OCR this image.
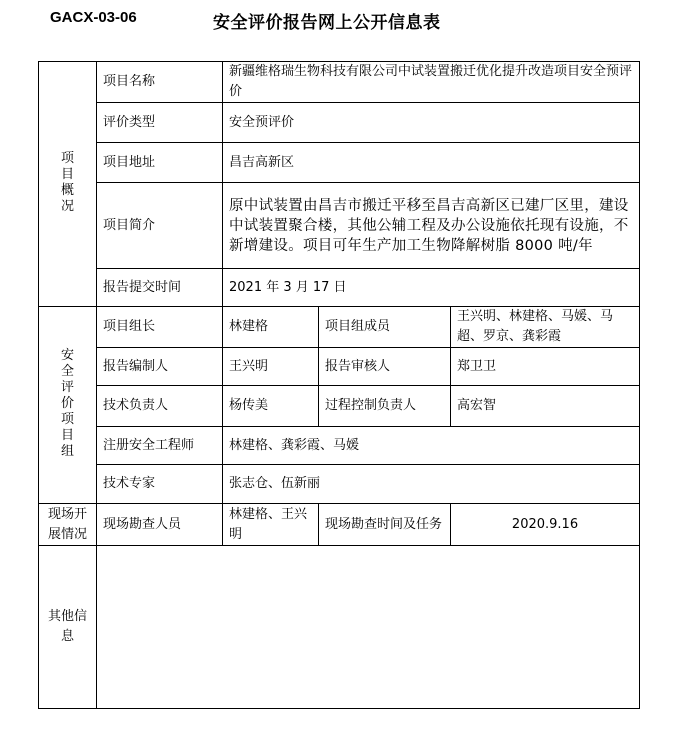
GACX-03-06	安全评价报告网上公开信息表
项目概况	项目名称	新疆维格瑞生物科技有限公司中试装置搬迁优化提升改造项目安全预评价		
	评价类型	安全预评价		
	项目地址	昌吉高新区		
	项目简介	原中试装置由昌吉市搬迁平移至昌吉高新区已建厂区里，建设中试装置聚合楼，其他公辅工程及办公设施依托现有设施，不新增建设。项目可年生产加工生物降解树脂 8000 吨/年		
	报告提交时间	2021 年 3 月 17 日		
安全评价项目组	项目组长	林建格	项目组成员	王兴明、林建格、马媛、马超、罗京、龚彩霞
	报告编制人	王兴明	报告审核人	郑卫卫
	技术负责人	杨传美	过程控制负责人	高宏智
	注册安全工程师	林建格、龚彩霞、马媛		
	技术专家	张志仓、伍新丽		
现场开展情况	现场勘查人员	林建格、王兴明	现场勘查时间及任务	2020.9.16
其他信息				
